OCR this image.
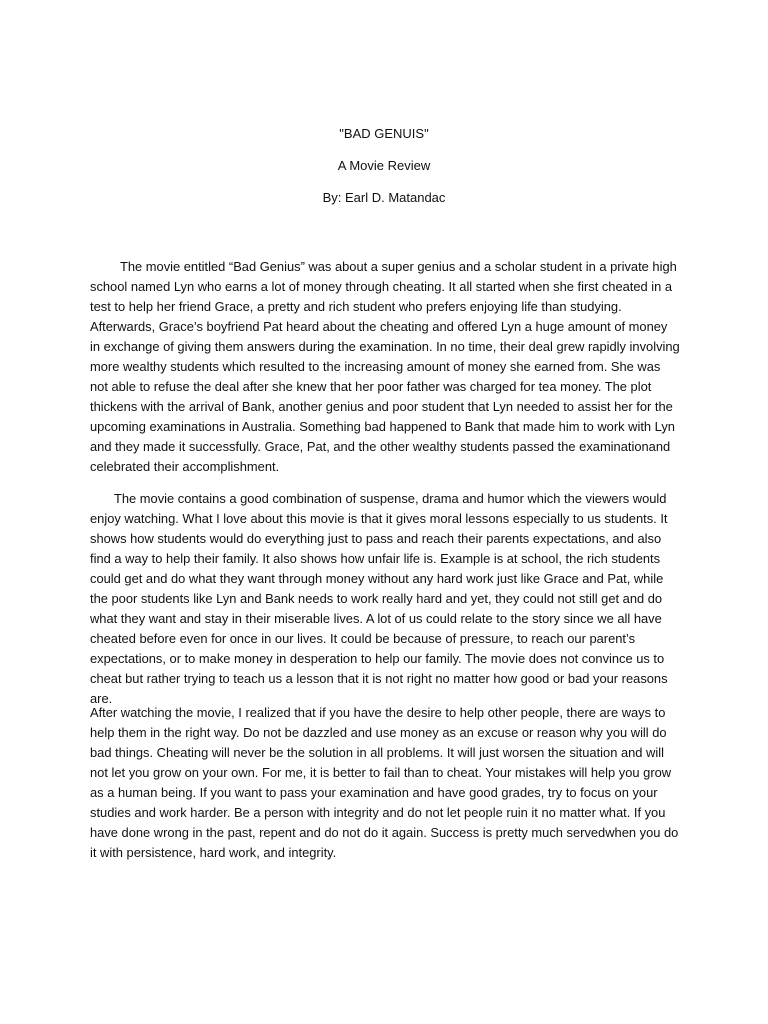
"BAD GENUIS"
A Movie Review
By: Earl D. Matandac

The movie entitled “Bad Genius” was about a super genius and a scholar student in a private high school named Lyn who earns a lot of money through cheating. It all started when she first cheated in a test to help her friend Grace, a pretty and rich student who prefers enjoying life than studying. Afterwards, Grace’s boyfriend Pat heard about the cheating and offered Lyn a huge amount of money in exchange of giving them answers during the examination. In no time, their deal grew rapidly involving more wealthy students which resulted to the increasing amount of money she earned from. She was not able to refuse the deal after she knew that her poor father was charged for tea money. The plot thickens with the arrival of Bank, another genius and poor student that Lyn needed to assist her for the upcoming examinations in Australia. Something bad happened to Bank that made him to work with Lyn and they made it successfully. Grace, Pat, and the other wealthy students passed the examinationand celebrated their accomplishment.

The movie contains a good combination of suspense, drama and humor which the viewers would enjoy watching. What I love about this movie is that it gives moral lessons especially to us students. It shows how students would do everything just to pass and reach their parents expectations, and also find a way to help their family. It also shows how unfair life is. Example is at school, the rich students could get and do what they want through money without any hard work just like Grace and Pat, while the poor students like Lyn and Bank needs to work really hard and yet, they could not still get and do what they want and stay in their miserable lives. A lot of us could relate to the story since we all have cheated before even for once in our lives. It could be because of pressure, to reach our parent’s expectations, or to make money in desperation to help our family. The movie does not convince us to cheat but rather trying to teach us a lesson that it is not right no matter how good or bad your reasons are.

After watching the movie, I realized that if you have the desire to help other people, there are ways to help them in the right way. Do not be dazzled and use money as an excuse or reason why you will do bad things. Cheating will never be the solution in all problems. It will just worsen the situation and will not let you grow on your own. For me, it is better to fail than to cheat. Your mistakes will help you grow as a human being. If you want to pass your examination and have good grades, try to focus on your studies and work harder. Be a person with integrity and do not let people ruin it no matter what. If you have done wrong in the past, repent and do not do it again. Success is pretty much servedwhen you do it with persistence, hard work, and integrity.
